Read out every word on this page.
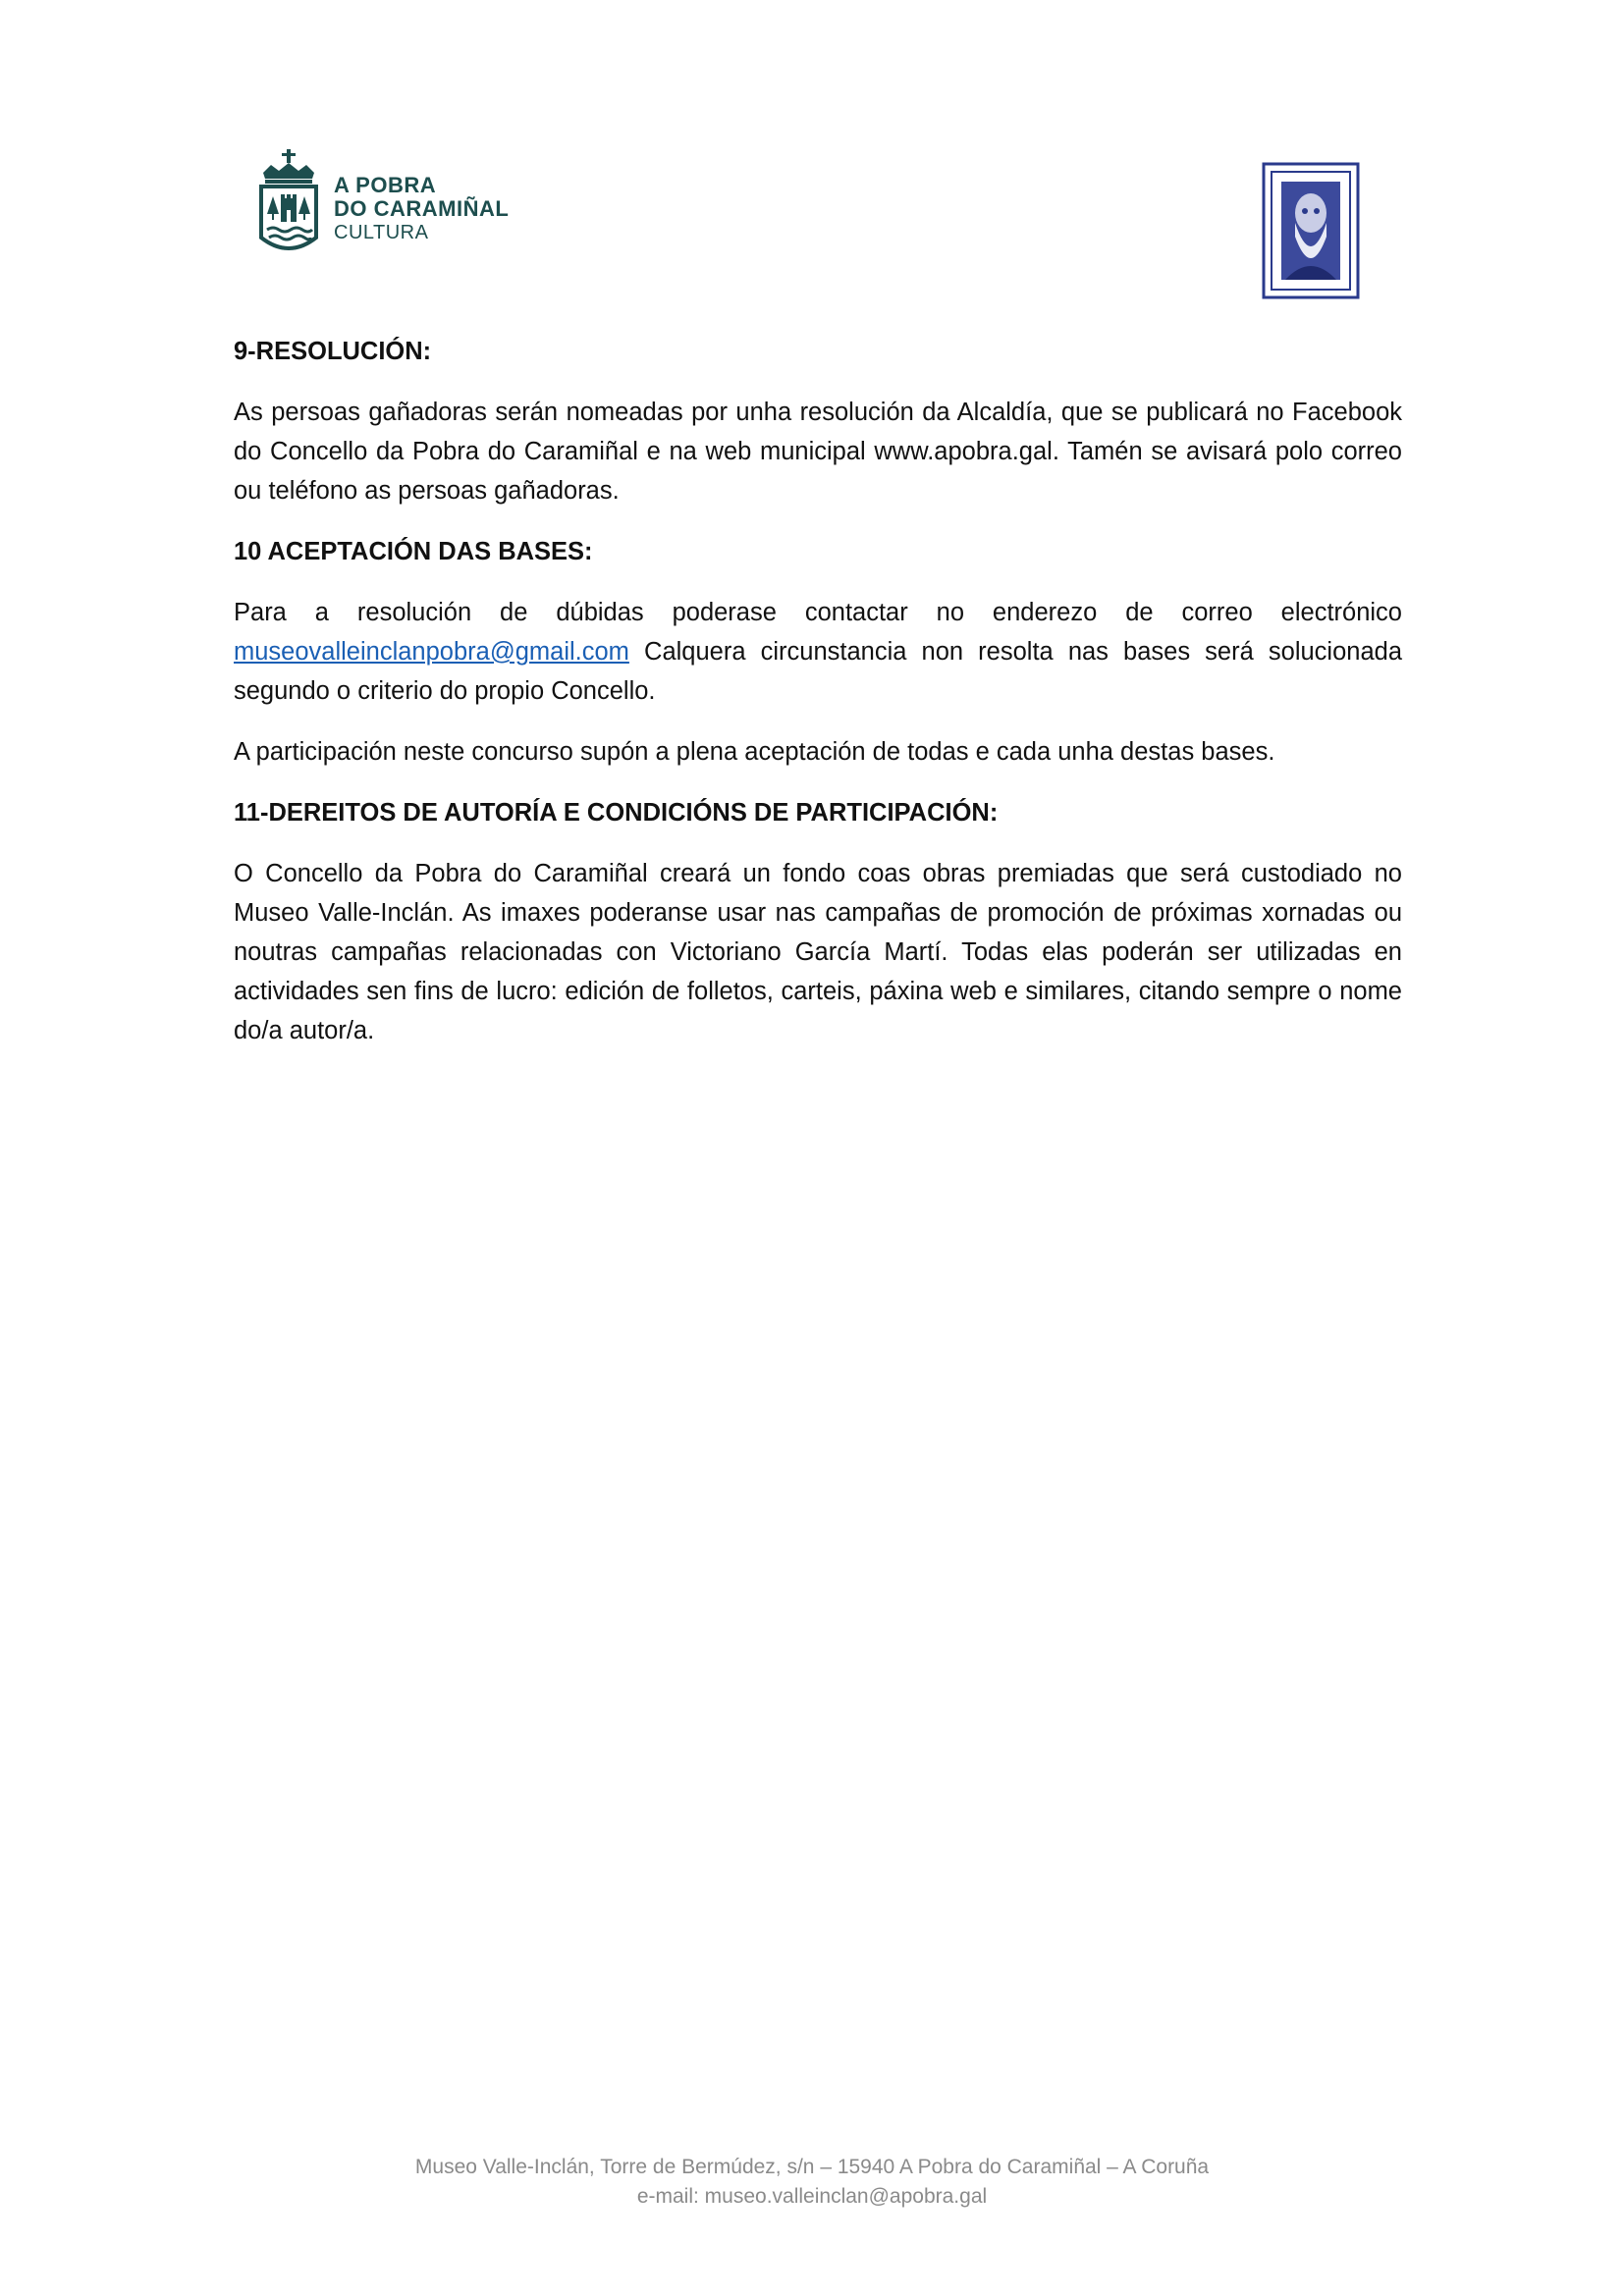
A POBRA
DO CARAMIÑAL
CULTURA

9-RESOLUCIÓN:

As persoas gañadoras serán nomeadas por unha resolución da Alcaldía, que se publicará no Facebook do Concello da Pobra do Caramiñal e na web municipal www.apobra.gal. Tamén se avisará polo correo ou teléfono as persoas gañadoras.

10 ACEPTACIÓN DAS BASES:

Para a resolución de dúbidas poderase contactar no enderezo de correo electrónico museovalleinclanpobra@gmail.com Calquera circunstancia non resolta nas bases será solucionada segundo o criterio do propio Concello.

A participación neste concurso supón a plena aceptación de todas e cada unha destas bases.

11-DEREITOS DE AUTORÍA E CONDICIÓNS DE PARTICIPACIÓN:

O Concello da Pobra do Caramiñal creará un fondo coas obras premiadas que será custodiado no Museo Valle-Inclán. As imaxes poderanse usar nas campañas de promoción de próximas xornadas ou noutras campañas relacionadas con Victoriano García Martí. Todas elas poderán ser utilizadas en actividades sen fins de lucro: edición de folletos, carteis, páxina web e similares, citando sempre o nome do/a autor/a.

Museo Valle-Inclán, Torre de Bermúdez, s/n – 15940 A Pobra do Caramiñal – A Coruña
e-mail: museo.valleinclan@apobra.gal
